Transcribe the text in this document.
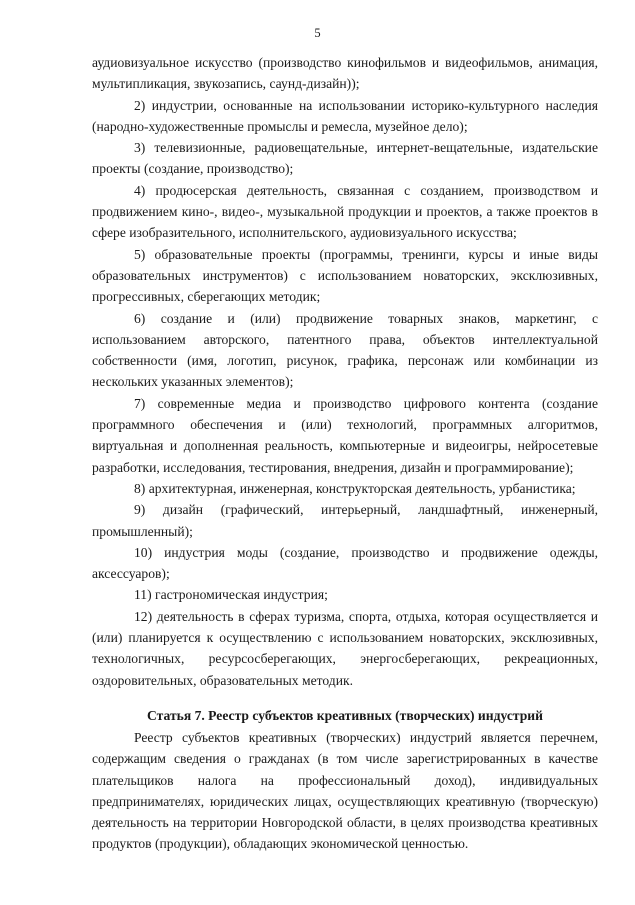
5

аудиовизуальное искусство (производство кинофильмов и видеофильмов, анимация, мультипликация, звукозапись, саунд-дизайн));

2) индустрии, основанные на использовании историко-культурного наследия (народно-художественные промыслы и ремесла, музейное дело);

3) телевизионные, радиовещательные, интернет-вещательные, издательские проекты (создание, производство);

4) продюсерская деятельность, связанная с созданием, производством и продвижением кино-, видео-, музыкальной продукции и проектов, а также проектов в сфере изобразительного, исполнительского, аудиовизуального искусства;

5) образовательные проекты (программы, тренинги, курсы и иные виды образовательных инструментов) с использованием новаторских, эксклюзивных, прогрессивных, сберегающих методик;

6) создание и (или) продвижение товарных знаков, маркетинг, с использованием авторского, патентного права, объектов интеллектуальной собственности (имя, логотип, рисунок, графика, персонаж или комбинации из нескольких указанных элементов);

7) современные медиа и производство цифрового контента (создание программного обеспечения и (или) технологий, программных алгоритмов, виртуальная и дополненная реальность, компьютерные и видеоигры, нейросетевые разработки, исследования, тестирования, внедрения, дизайн и программирование);

8) архитектурная, инженерная, конструкторская деятельность, урбанистика;

9) дизайн (графический, интерьерный, ландшафтный, инженерный, промышленный);

10) индустрия моды (создание, производство и продвижение одежды, аксессуаров);

11) гастрономическая индустрия;

12) деятельность в сферах туризма, спорта, отдыха, которая осуществляется и (или) планируется к осуществлению с использованием новаторских, эксклюзивных, технологичных, ресурсосберегающих, энергосберегающих, рекреационных, оздоровительных, образовательных методик.

Статья 7. Реестр субъектов креативных (творческих) индустрий

Реестр субъектов креативных (творческих) индустрий является перечнем, содержащим сведения о гражданах (в том числе зарегистрированных в качестве плательщиков налога на профессиональный доход), индивидуальных предпринимателях, юридических лицах, осуществляющих креативную (творческую) деятельность на территории Новгородской области, в целях производства креативных продуктов (продукции), обладающих экономической ценностью.
